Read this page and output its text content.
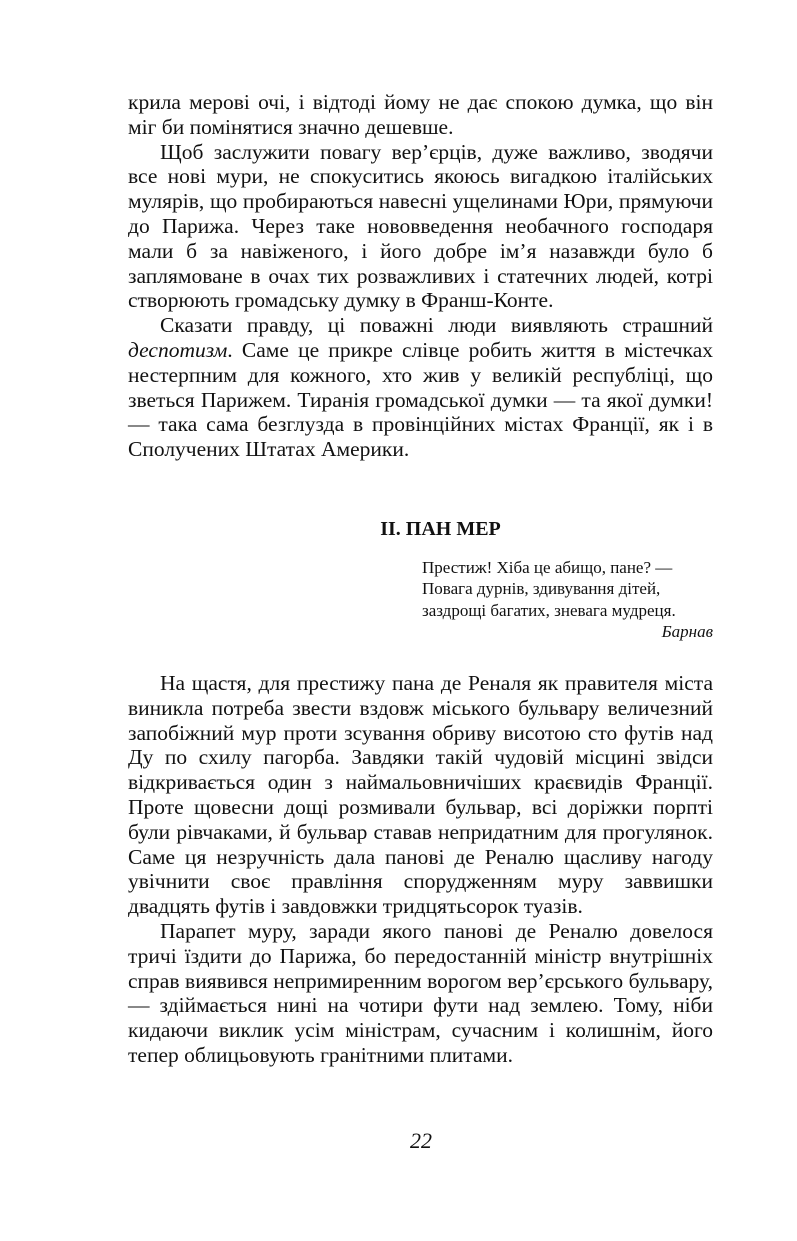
крила мерові очі, і відтоді йому не дає спокою думка, що він міг би помінятися значно дешевше.

Щоб заслужити повагу вер’єрців, дуже важливо, зводячи все нові мури, не спокуситись якоюсь вигадкою італійських мулярів, що пробираються навесні ущелинами Юри, прямуючи до Парижа. Через таке нововведення необачного господаря мали б за навіженого, і його добре ім’я назавжди було б заплямоване в очах тих розважливих і статечних людей, котрі створюють громадську думку в Франш-Конте.

Сказати правду, ці поважні люди виявляють страшний деспотизм. Саме це прикре слівце робить життя в містечках нестерпним для кожного, хто жив у великій республіці, що зветься Парижем. Тиранія громадської думки — та якої думки! — така сама безглузда в провінційних містах Франції, як і в Сполучених Штатах Америки.

II. ПАН МЕР
Престиж! Хіба це абищо, пане? —
Повага дурнів, здивування дітей,
заздрощі багатих, зневага мудреця.
Барнав

На щастя, для престижу пана де Реналя як правителя міста виникла потреба звести вздовж міського бульвару величезний запобіжний мур проти зсування обриву висотою сто футів над Ду по схилу пагорба. Завдяки такій чудовій місцині звідси відкривається один з наймальовничіших краєвидів Франції. Проте щовесни дощі розмивали бульвар, всі доріжки порпті були рівчаками, й бульвар ставав непридатним для прогулянок. Саме ця незручність дала панові де Реналю щасливу нагоду увічнити своє правління спорудженням муру заввишки двадцять футів і завдовжки тридцятьсорок туазів.

Парапет муру, заради якого панові де Реналю довелося тричі їздити до Парижа, бо передостанній міністр внутрішніх справ виявився непримиренним ворогом вер’єрського бульвару, — здіймається нині на чотири фути над землею. Тому, ніби кидаючи виклик усім міністрам, сучасним і колишнім, його тепер облицьовують гранітними плитами.

22
